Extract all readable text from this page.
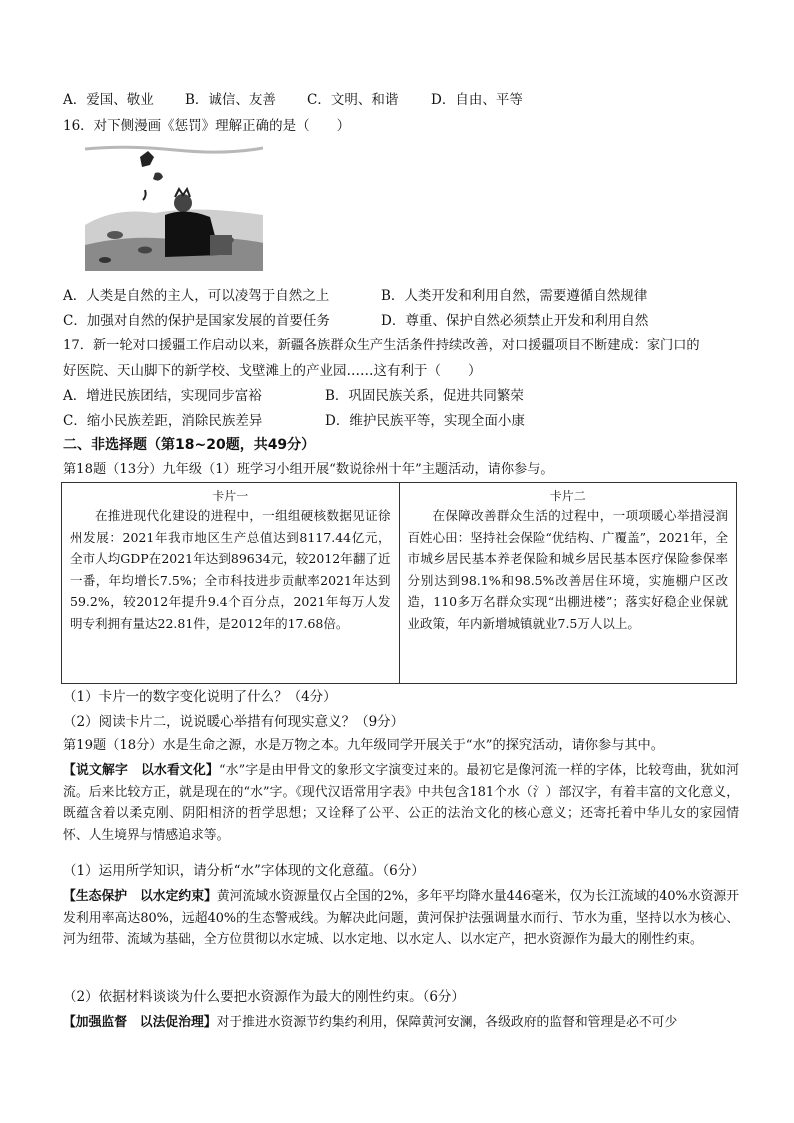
A．爱国、敬业 B．诚信、友善 C．文明、和谐 D．自由、平等
16．对下侧漫画《惩罚》理解正确的是（　　）
A．人类是自然的主人，可以凌驾于自然之上	B．人类开发和利用自然，需要遵循自然规律
C．加强对自然的保护是国家发展的首要任务	D．尊重、保护自然必须禁止开发和利用自然
17．新一轮对口援疆工作启动以来，新疆各族群众生产生活条件持续改善，对口援疆项目不断建成：家门口的
好医院、天山脚下的新学校、戈壁滩上的产业园……这有利于（　　）
A．增进民族团结，实现同步富裕	B．巩固民族关系，促进共同繁荣
C．缩小民族差距，消除民族差异	D．维护民族平等，实现全面小康
二、非选择题（第18~20题，共49分）
第18题（13分）九年级（1）班学习小组开展“数说徐州十年”主题活动，请你参与。
卡片一
在推进现代化建设的进程中，一组组硬核数据见证徐州发展：2021年我市地区生产总值达到8117.44亿元，全市人均GDP在2021年达到89634元，较2012年翻了近一番，年均增长7.5%；全市科技进步贡献率2021年达到59.2%，较2012年提升9.4个百分点，2021年每万人发明专利拥有量达22.81件，是2012年的17.68倍。

卡片二
在保障改善群众生活的过程中，一项项暖心举措浸润百姓心田：坚持社会保险“优结构、广覆盖”，2021年，全市城乡居民基本养老保险和城乡居民基本医疗保险参保率分别达到98.1%和98.5%改善居住环境，实施棚户区改造，110多万名群众实现“出棚进楼”；落实好稳企业保就业政策，年内新增城镇就业7.5万人以上。
（1）卡片一的数字变化说明了什么？（4分）
（2）阅读卡片二，说说暖心举措有何现实意义？（9分）
第19题（18分）水是生命之源，水是万物之本。九年级同学开展关于“水”的探究活动，请你参与其中。
【说文解字　以水看文化】“水”字是由甲骨文的象形文字演变过来的。最初它是像河流一样的字体，比较弯曲，犹如河流。后来比较方正，就是现在的“水”字。《现代汉语常用字表》中共包含181个水（氵）部汉字，有着丰富的文化意义，既蕴含着以柔克刚、阴阳相济的哲学思想；又诠释了公平、公正的法治文化的核心意义；还寄托着中华儿女的家园情怀、人生境界与情感追求等。
（1）运用所学知识，请分析“水”字体现的文化意蕴。（6分）
【生态保护　以水定约束】黄河流域水资源量仅占全国的2%，多年平均降水量446毫米，仅为长江流域的40%水资源开发利用率高达80%，远超40%的生态警戒线。为解决此问题，黄河保护法强调量水而行、节水为重，坚持以水为核心、河为纽带、流域为基础，全方位贯彻以水定城、以水定地、以水定人、以水定产，把水资源作为最大的刚性约束。
（2）依据材料谈谈为什么要把水资源作为最大的刚性约束。（6分）
【加强监督　以法促治理】对于推进水资源节约集约利用，保障黄河安澜，各级政府的监督和管理是必不可少
